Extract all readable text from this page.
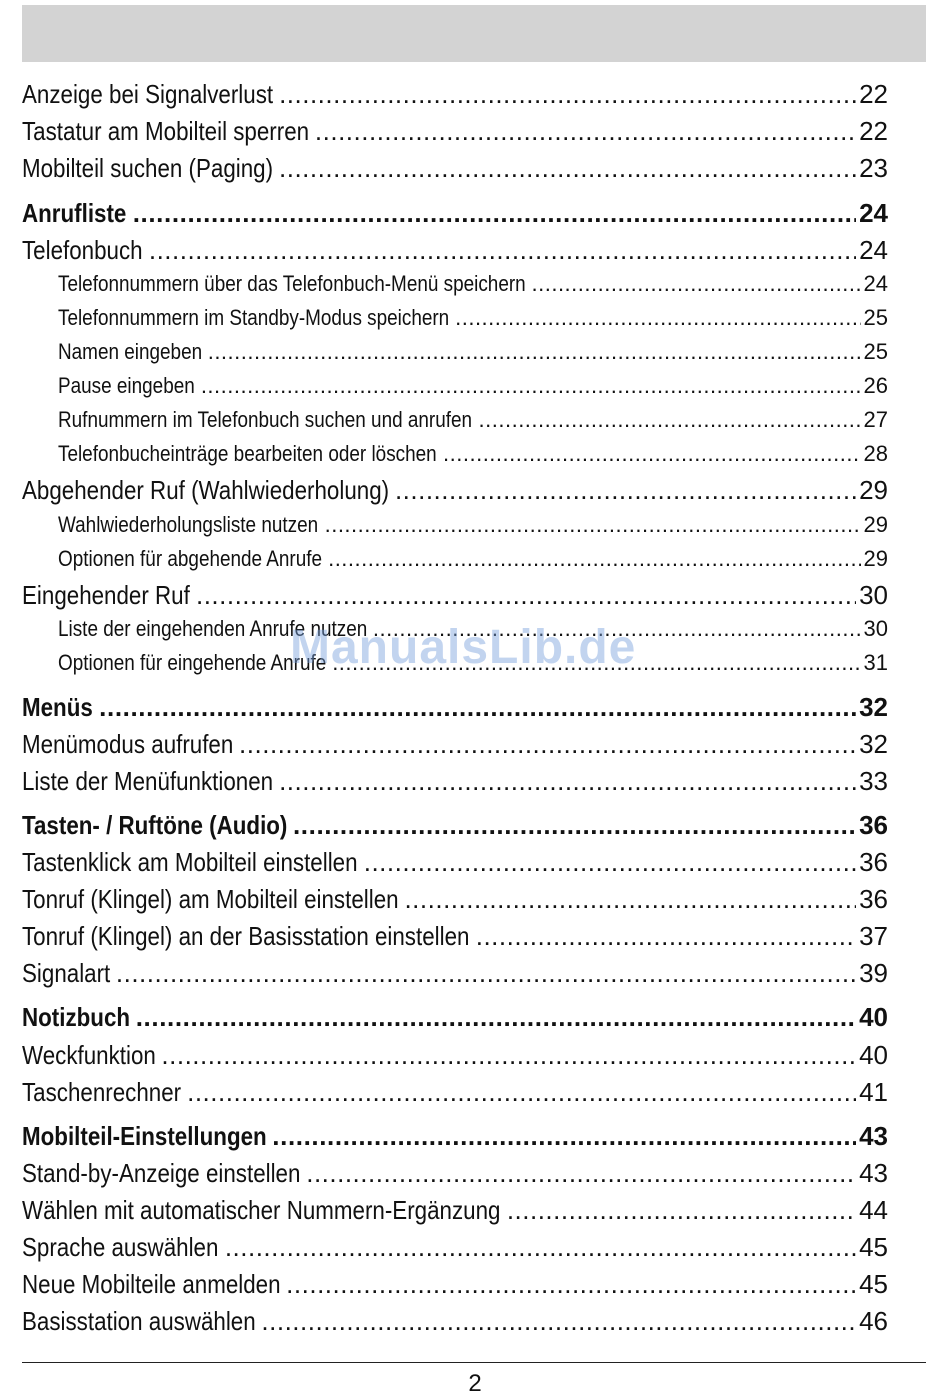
Anzeige bei Signalverlust .....	22
Tastatur am Mobilteil sperren .....	22
Mobilteil suchen (Paging) .....	23
Anrufliste .....	24
Telefonbuch .....	24
Telefonnummern über das Telefonbuch-Menü speichern .....	24
Telefonnummern im Standby-Modus speichern .....	25
Namen eingeben .....	25
Pause eingeben .....	26
Rufnummern im Telefonbuch suchen und anrufen .....	27
Telefonbucheinträge bearbeiten oder löschen .....	28
Abgehender Ruf (Wahlwiederholung) .....	29
Wahlwiederholungsliste nutzen .....	29
Optionen für abgehende Anrufe .....	29
Eingehender Ruf .....	30
Liste der eingehenden Anrufe nutzen .....	30
Optionen für eingehende Anrufe .....	31
Menüs .....	32
Menümodus aufrufen .....	32
Liste der Menüfunktionen .....	33
Tasten- / Ruftöne (Audio) .....	36
Tastenklick am Mobilteil einstellen .....	36
Tonruf (Klingel) am Mobilteil einstellen .....	36
Tonruf (Klingel) an der Basisstation einstellen .....	37
Signalart .....	39
Notizbuch .....	40
Weckfunktion .....	40
Taschenrechner .....	41
Mobilteil-Einstellungen .....	43
Stand-by-Anzeige einstellen .....	43
Wählen mit automatischer Nummern-Ergänzung .....	44
Sprache auswählen .....	45
Neue Mobilteile anmelden .....	45
Basisstation auswählen .....	46
ManualsLib.de
2
